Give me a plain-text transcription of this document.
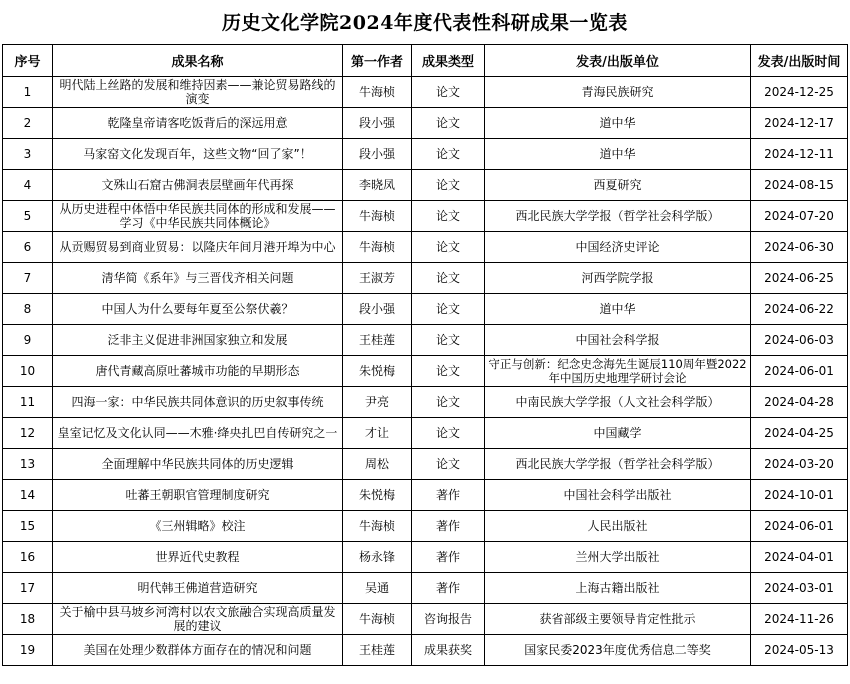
历史文化学院2024年度代表性科研成果一览表
序号	成果名称	第一作者	成果类型	发表/出版单位	发表/出版时间
1	明代陆上丝路的发展和维持因素——兼论贸易路线的演变	牛海桢	论文	青海民族研究	2024-12-25
2	乾隆皇帝请客吃饭背后的深远用意	段小强	论文	道中华	2024-12-17
3	马家窑文化发现百年，这些文物“回了家”！	段小强	论文	道中华	2024-12-11
4	文殊山石窟古佛洞表层壁画年代再探	李晓凤	论文	西夏研究	2024-08-15
5	从历史进程中体悟中华民族共同体的形成和发展——学习《中华民族共同体概论》	牛海桢	论文	西北民族大学学报（哲学社会科学版）	2024-07-20
6	从贡赐贸易到商业贸易：以隆庆年间月港开埠为中心	牛海桢	论文	中国经济史评论	2024-06-30
7	清华简《系年》与三晋伐齐相关问题	王淑芳	论文	河西学院学报	2024-06-25
8	中国人为什么要每年夏至公祭伏羲？	段小强	论文	道中华	2024-06-22
9	泛非主义促进非洲国家独立和发展	王桂莲	论文	中国社会科学报	2024-06-03
10	唐代青藏高原吐蕃城市功能的早期形态	朱悦梅	论文	守正与创新：纪念史念海先生诞辰110周年暨2022年中国历史地理学研讨会论	2024-06-01
11	四海一家：中华民族共同体意识的历史叙事传统	尹亮	论文	中南民族大学学报（人文社会科学版）	2024-04-28
12	皇室记忆及文化认同——木雅·绛央扎巴自传研究之一	才让	论文	中国藏学	2024-04-25
13	全面理解中华民族共同体的历史逻辑	周松	论文	西北民族大学学报（哲学社会科学版）	2024-03-20
14	吐蕃王朝职官管理制度研究	朱悦梅	著作	中国社会科学出版社	2024-10-01
15	《三州辑略》校注	牛海桢	著作	人民出版社	2024-06-01
16	世界近代史教程	杨永锋	著作	兰州大学出版社	2024-04-01
17	明代韩王佛道营造研究	吴通	著作	上海古籍出版社	2024-03-01
18	关于榆中县马坡乡河湾村以农文旅融合实现高质量发展的建议	牛海桢	咨询报告	获省部级主要领导肯定性批示	2024-11-26
19	美国在处理少数群体方面存在的情况和问题	王桂莲	成果获奖	国家民委2023年度优秀信息二等奖	2024-05-13
